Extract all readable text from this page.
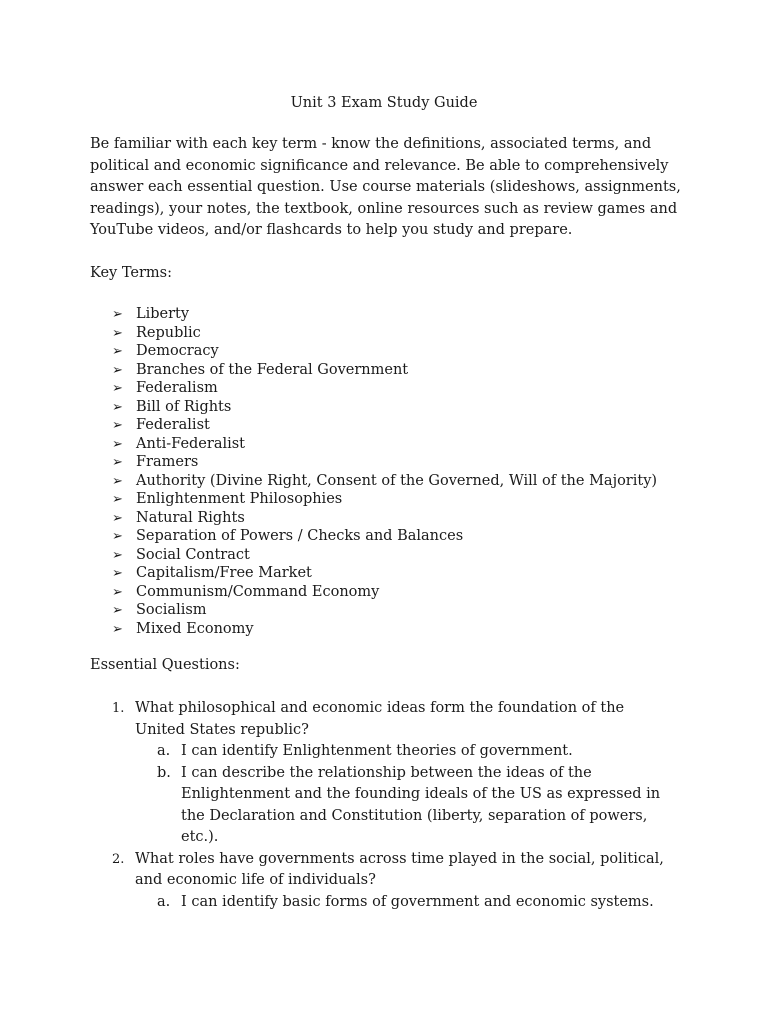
Unit 3 Exam Study Guide

Be familiar with each key term - know the definitions, associated terms, and political and economic significance and relevance. Be able to comprehensively answer each essential question. Use course materials (slideshows, assignments, readings), your notes, the textbook, online resources such as review games and YouTube videos, and/or flashcards to help you study and prepare.

Key Terms:

➢ Liberty
➢ Republic
➢ Democracy
➢ Branches of the Federal Government
➢ Federalism
➢ Bill of Rights
➢ Federalist
➢ Anti-Federalist
➢ Framers
➢ Authority (Divine Right, Consent of the Governed, Will of the Majority)
➢ Enlightenment Philosophies
➢ Natural Rights
➢ Separation of Powers / Checks and Balances
➢ Social Contract
➢ Capitalism/Free Market
➢ Communism/Command Economy
➢ Socialism
➢ Mixed Economy

Essential Questions:

1. What philosophical and economic ideas form the foundation of the United States republic?
a. I can identify Enlightenment theories of government.
b. I can describe the relationship between the ideas of the Enlightenment and the founding ideals of the US as expressed in the Declaration and Constitution (liberty, separation of powers, etc.).
2. What roles have governments across time played in the social, political, and economic life of individuals?
a. I can identify basic forms of government and economic systems.
